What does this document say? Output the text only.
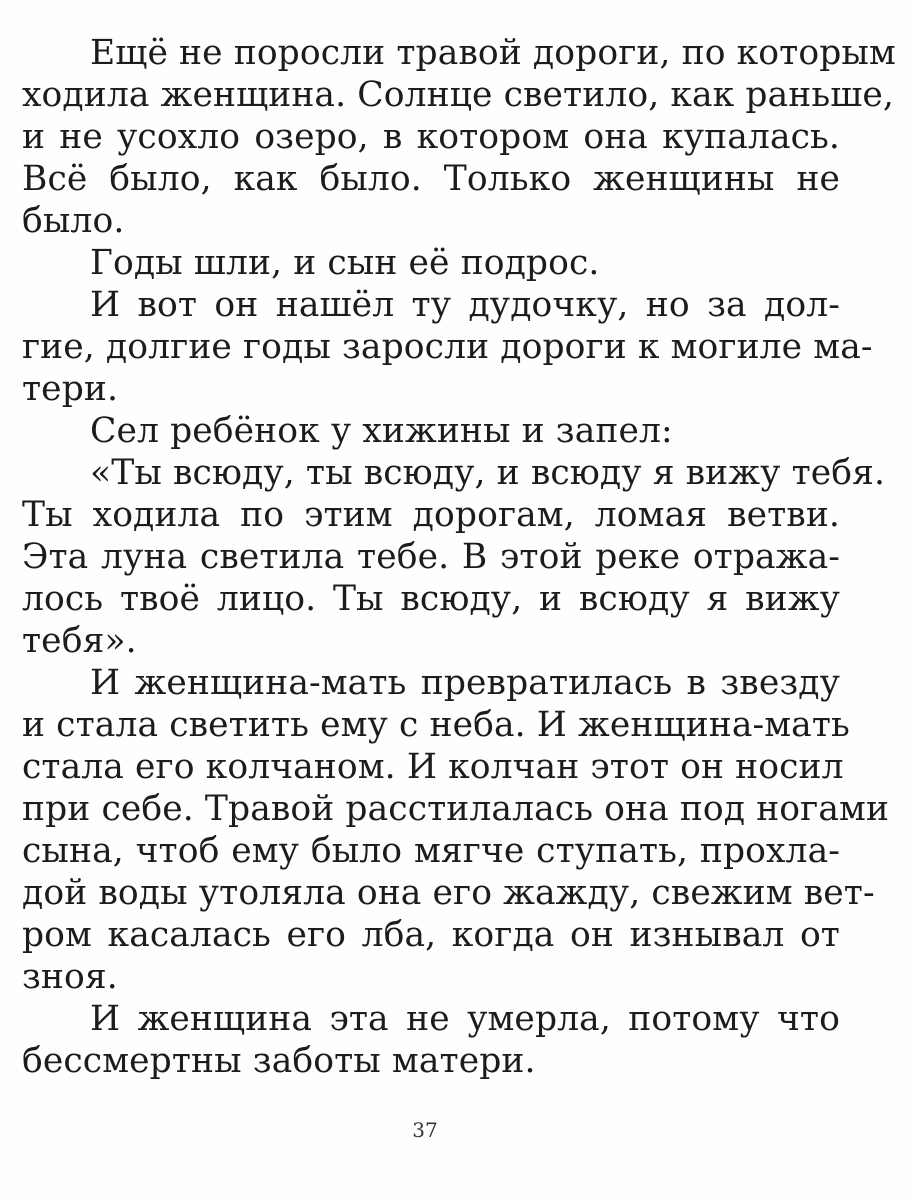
Ещё не поросли травой дороги, по которым
ходила женщина. Солнце светило, как раньше,
и не усохло озеро, в котором она купалась.
Всё было, как было. Только женщины не
было.
Годы шли, и сын её подрос.
И вот он нашёл ту дудочку, но за дол-
гие, долгие годы заросли дороги к могиле ма-
тери.
Сел ребёнок у хижины и запел:
«Ты всюду, ты всюду, и всюду я вижу тебя.
Ты ходила по этим дорогам, ломая ветви.
Эта луна светила тебе. В этой реке отража-
лось твоё лицо. Ты всюду, и всюду я вижу
тебя».
И женщина-мать превратилась в звезду
и стала светить ему с неба. И женщина-мать
стала его колчаном. И колчан этот он носил
при себе. Травой расстилалась она под ногами
сына, чтоб ему было мягче ступать, прохла-
дой воды утоляла она его жажду, свежим вет-
ром касалась его лба, когда он изнывал от
зноя.
И женщина эта не умерла, потому что
бессмертны заботы матери.
37
